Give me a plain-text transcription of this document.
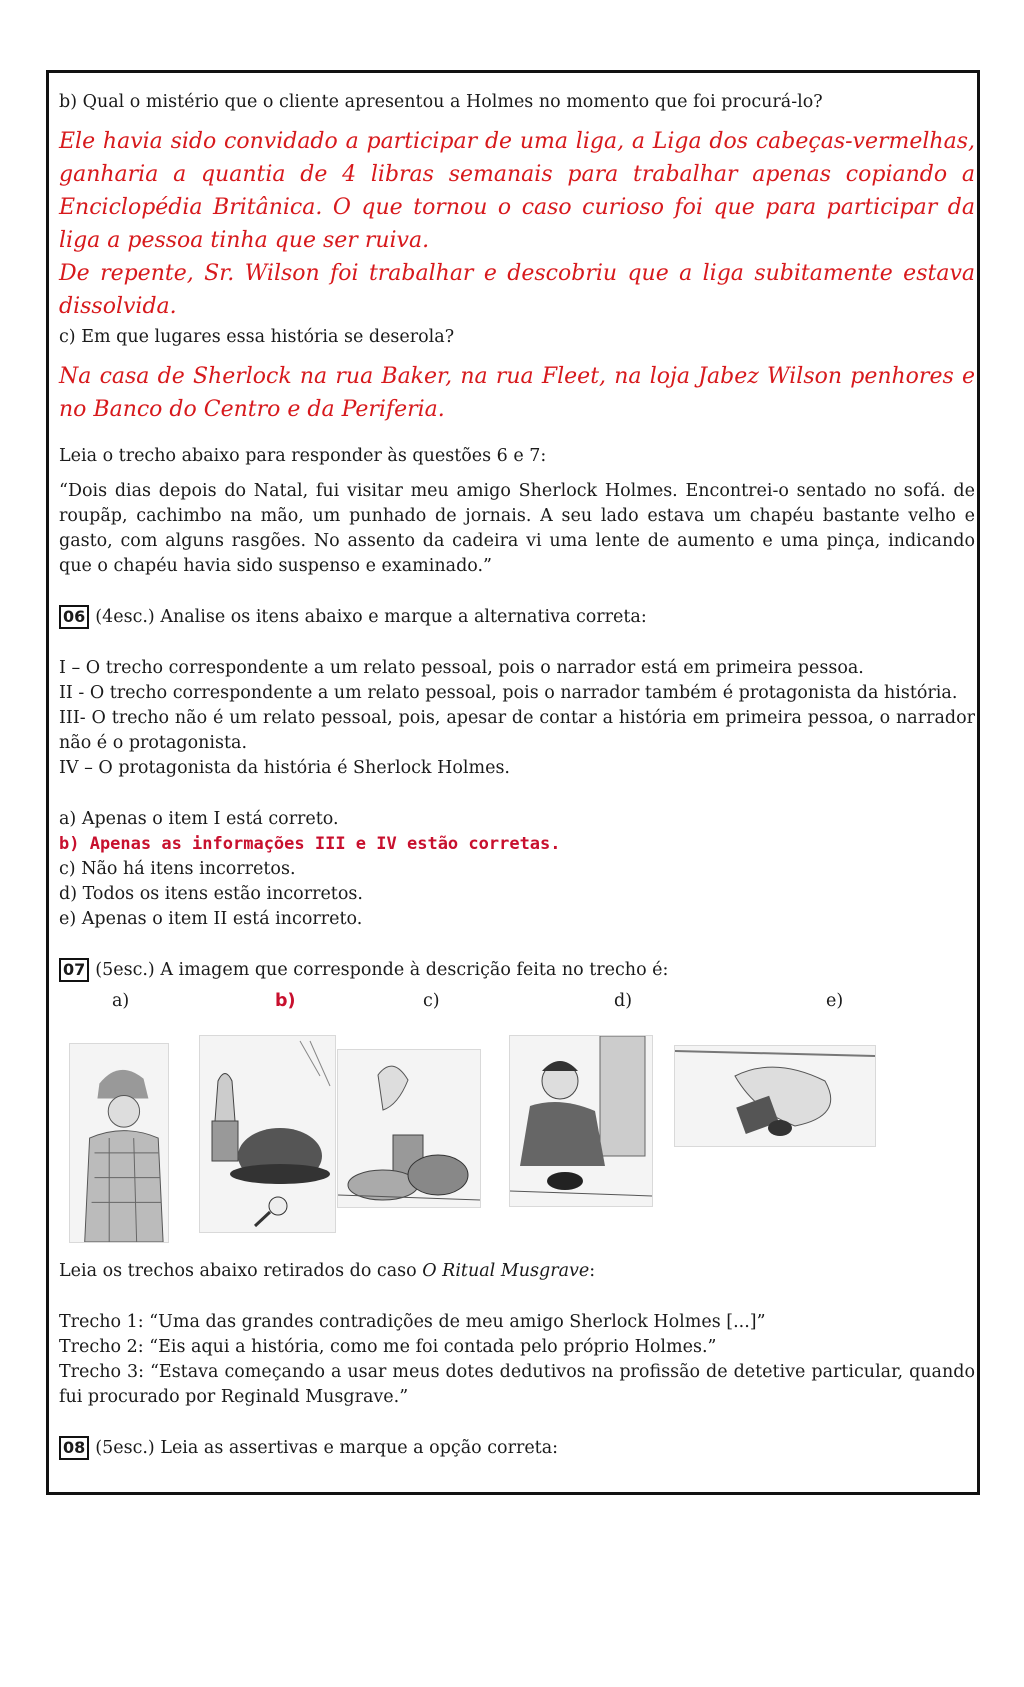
b) Qual o mistério que o cliente apresentou a Holmes no momento que foi procurá-lo?

Ele havia sido convidado a participar de uma liga, a Liga dos cabeças-vermelhas, ganharia a quantia de 4 libras semanais para trabalhar apenas copiando a Enciclopédia Britânica. O que tornou o caso curioso foi que para participar da liga a pessoa tinha que ser ruiva.

De repente, Sr. Wilson foi trabalhar e descobriu que a liga subitamente estava dissolvida.

c) Em que lugares essa história se deserola?

Na casa de Sherlock na rua Baker, na rua Fleet, na loja Jabez Wilson penhores e no Banco do Centro e da Periferia.

Leia o trecho abaixo para responder às questões 6 e 7:

“Dois dias depois do Natal, fui visitar meu amigo Sherlock Holmes. Encontrei-o sentado no sofá. de roupãp, cachimbo na mão, um punhado de jornais. A seu lado estava um chapéu bastante velho e gasto, com alguns rasgões. No assento da cadeira vi uma lente de aumento e uma pinça, indicando que o chapéu havia sido suspenso e examinado.”

06 (4esc.) Analise os itens abaixo e marque a alternativa correta:

I – O trecho correspondente a um relato pessoal, pois o narrador está em primeira pessoa.

II - O trecho correspondente a um relato pessoal, pois o narrador também é protagonista da história.

III- O trecho não é um relato pessoal, pois, apesar de contar a história em primeira pessoa, o narrador não é o protagonista.

IV – O protagonista da história é Sherlock Holmes.

a) Apenas o item I está correto.

b) Apenas as informações III e IV estão corretas.

c) Não há itens incorretos.

d) Todos os itens estão incorretos.

e) Apenas o item II está incorreto.

07 (5esc.) A imagem que corresponde à descrição feita no trecho é:

a)	b)	c)	d)	e)

Leia os trechos abaixo retirados do caso O Ritual Musgrave:

Trecho 1: “Uma das grandes contradições de meu amigo Sherlock Holmes [...]”

Trecho 2: “Eis aqui a história, como me foi contada pelo próprio Holmes.”

Trecho 3: “Estava começando a usar meus dotes dedutivos na profissão de detetive particular, quando fui procurado por Reginald Musgrave.”

08 (5esc.) Leia as assertivas e marque a opção correta:
